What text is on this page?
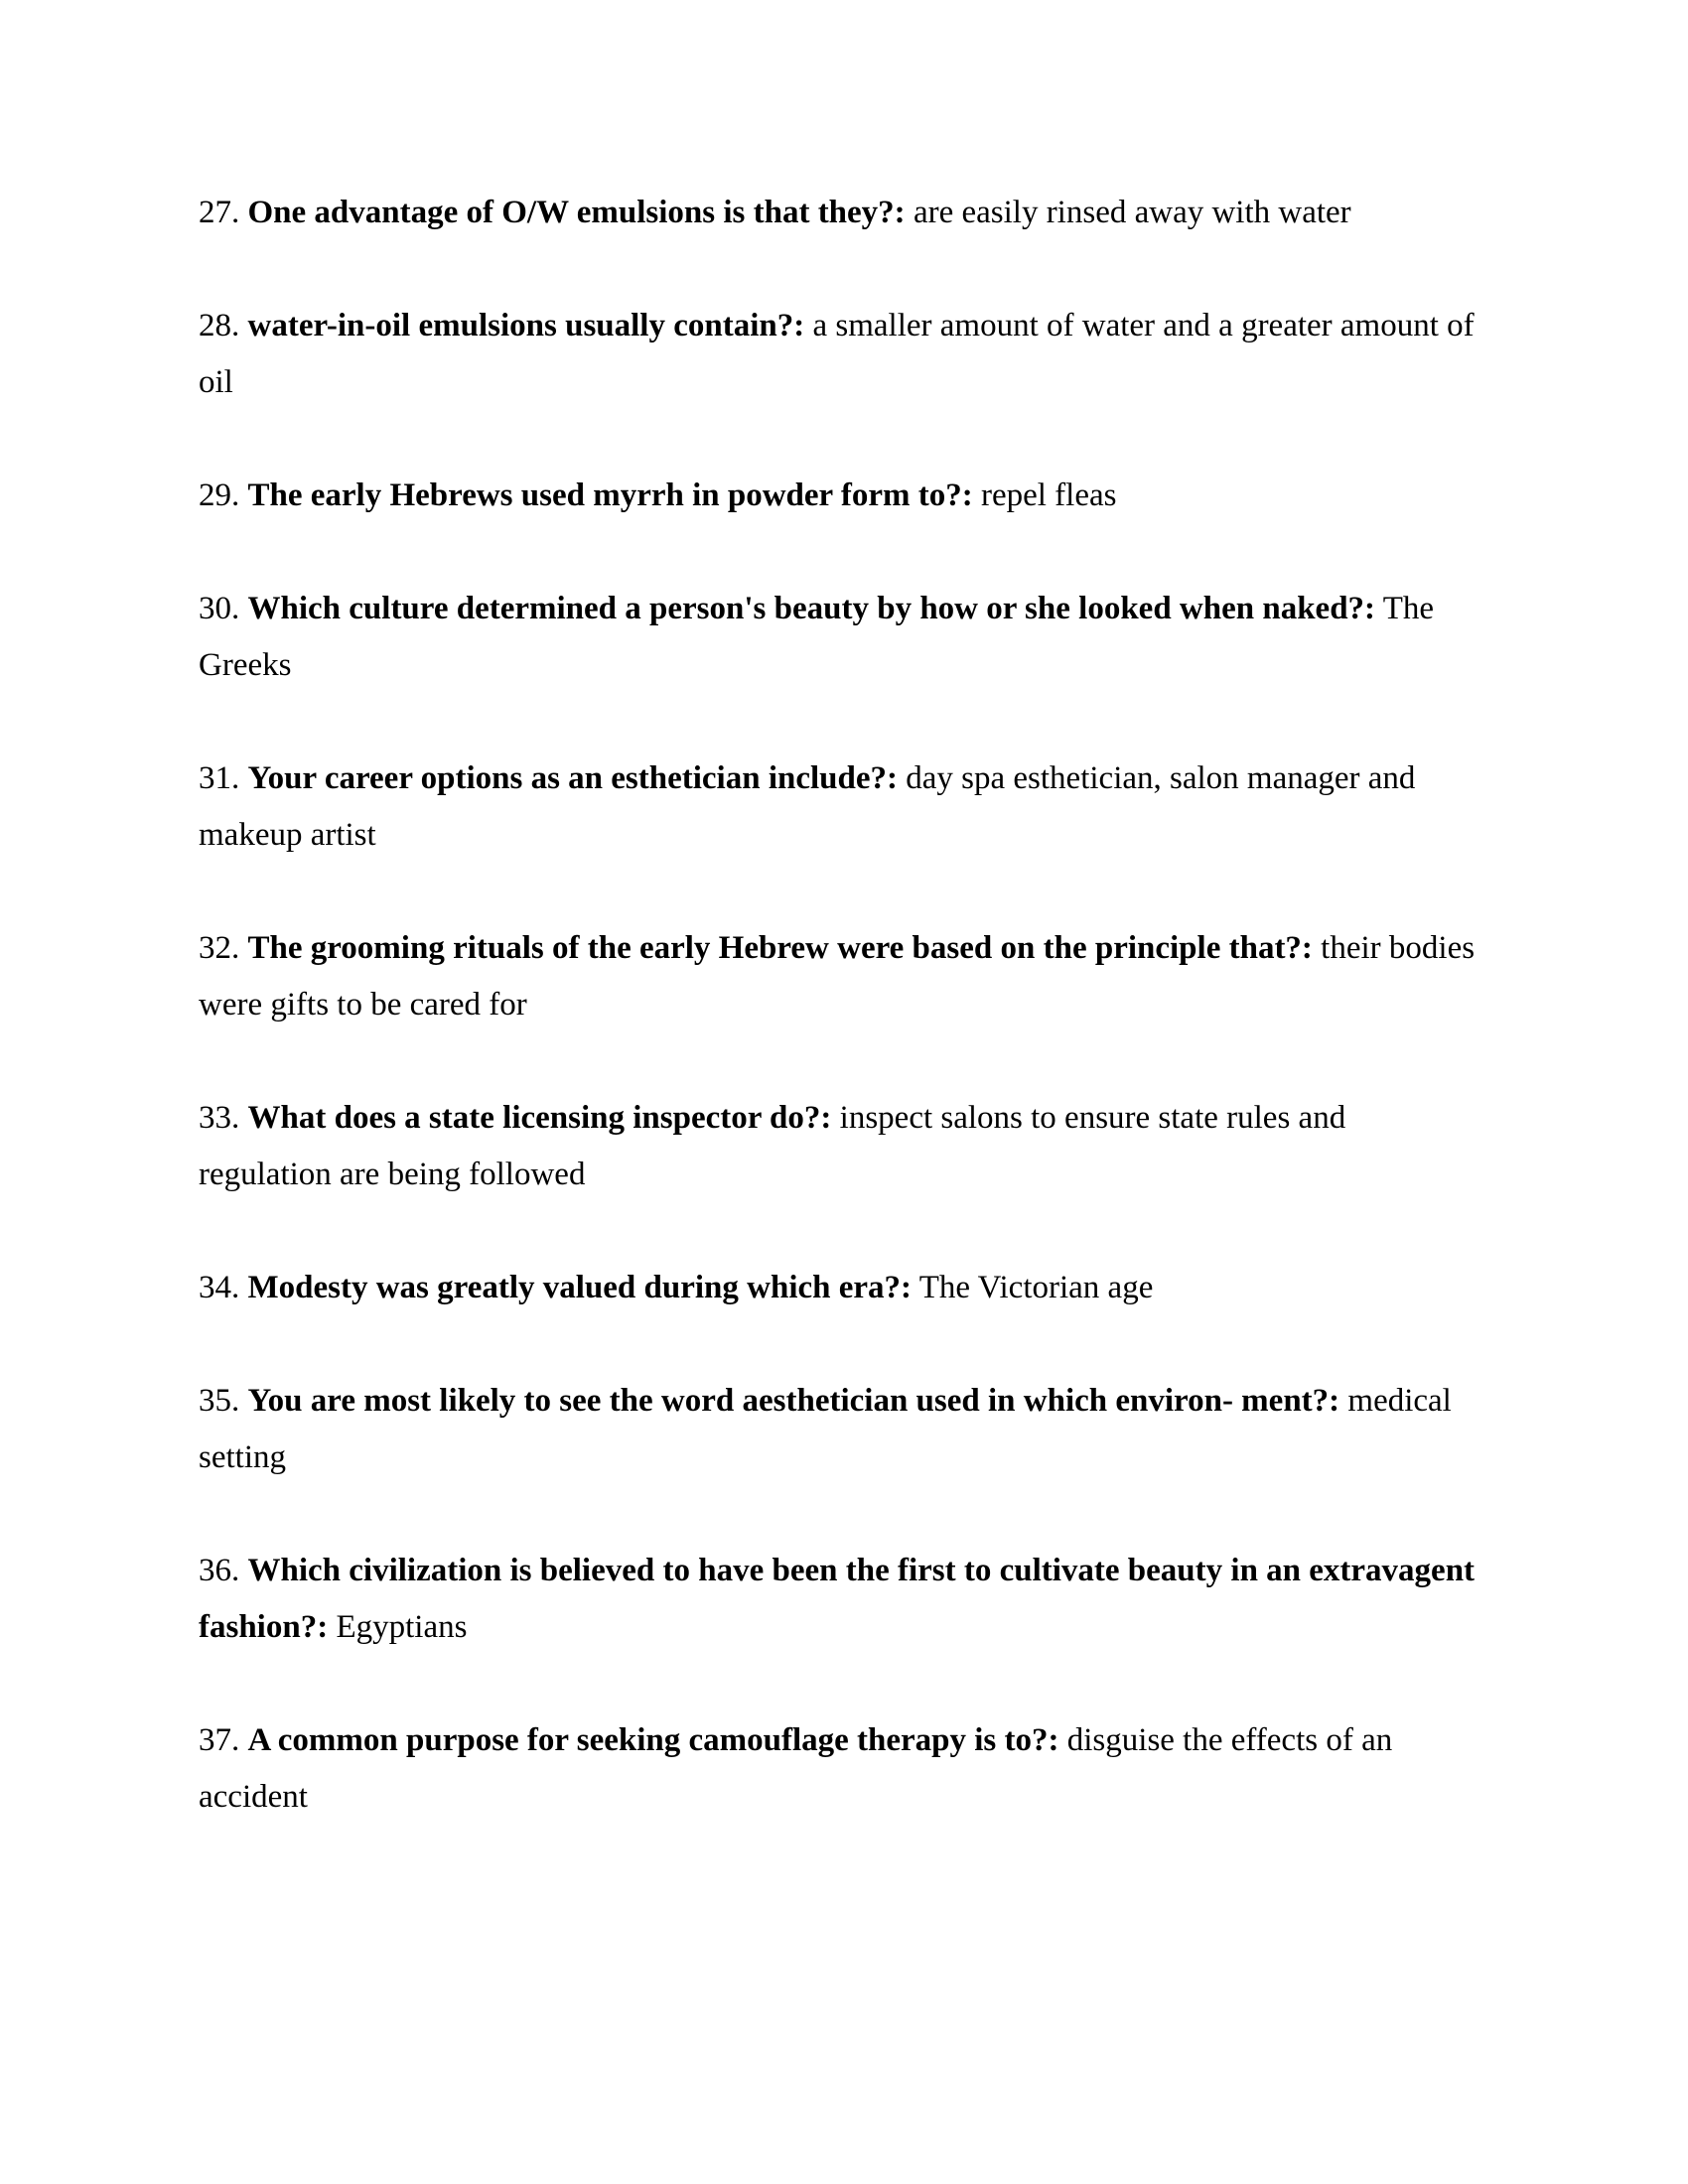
27. One advantage of O/W emulsions is that they?: are easily rinsed away with water

28. water-in-oil emulsions usually contain?: a smaller amount of water and a greater amount of
oil

29. The early Hebrews used myrrh in powder form to?: repel fleas

30. Which culture determined a person's beauty by how or she looked when naked?: The
Greeks

31. Your career options as an esthetician include?: day spa esthetician, salon manager and
makeup artist

32. The grooming rituals of the early Hebrew were based on the principle that?: their bodies
were gifts to be cared for

33. What does a state licensing inspector do?: inspect salons to ensure state rules and
regulation are being followed

34. Modesty was greatly valued during which era?: The Victorian age

35. You are most likely to see the word aesthetician used in which environ- ment?: medical
setting

36. Which civilization is believed to have been the first to cultivate beauty in an extravagent
fashion?: Egyptians

37. A common purpose for seeking camouflage therapy is to?: disguise the effects of an
accident
